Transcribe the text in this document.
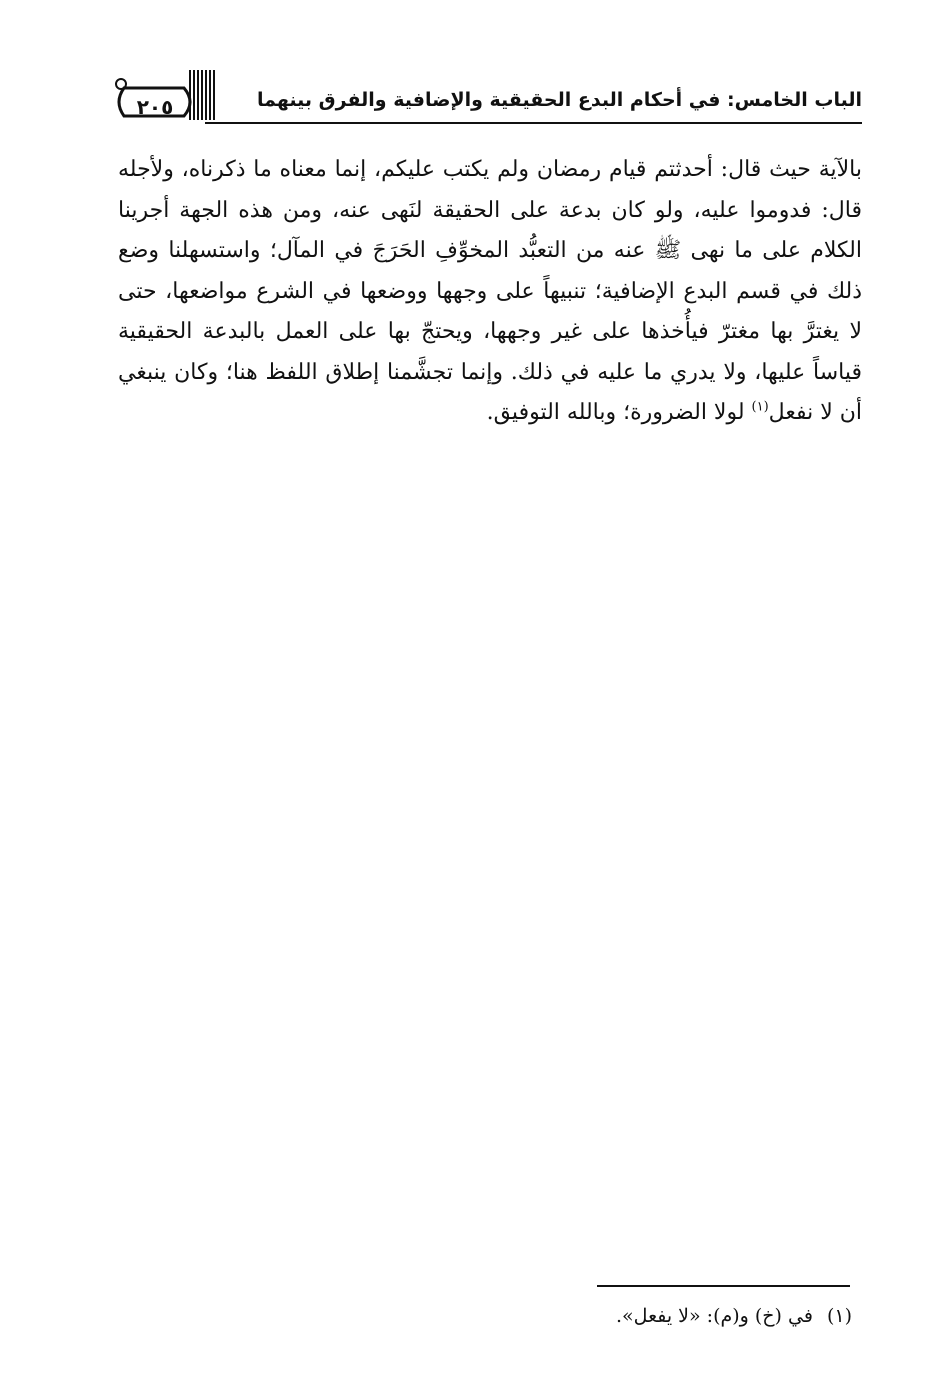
٢٠٥	الباب الخامس: في أحكام البدع الحقيقية والإضافية والفرق بينهما

بالآية حيث قال: أحدثتم قيام رمضان ولم يكتب عليكم، إنما معناه ما ذكرناه، ولأجله قال: فدوموا عليه، ولو كان بدعة على الحقيقة لنَهى عنه، ومن هذه الجهة أجرينا الكلام على ما نهى ﷺ عنه من التعبُّد المخوِّفِ الحَرَجَ في المآل؛ واستسهلنا وضع ذلك في قسم البدع الإضافية؛ تنبيهاً على وجهها ووضعها في الشرع مواضعها، حتى لا يغترَّ بها مغترّ فيأُخذها على غير وجهها، ويحتجّ بها على العمل بالبدعة الحقيقية قياساً عليها، ولا يدري ما عليه في ذلك. وإنما تجشَّمنا إطلاق اللفظ هنا؛ وكان ينبغي أن لا نفعل$^{(١)}$ لولا الضرورة؛ وبالله التوفيق.

(١)في (خ) و(م): «لا يفعل».
